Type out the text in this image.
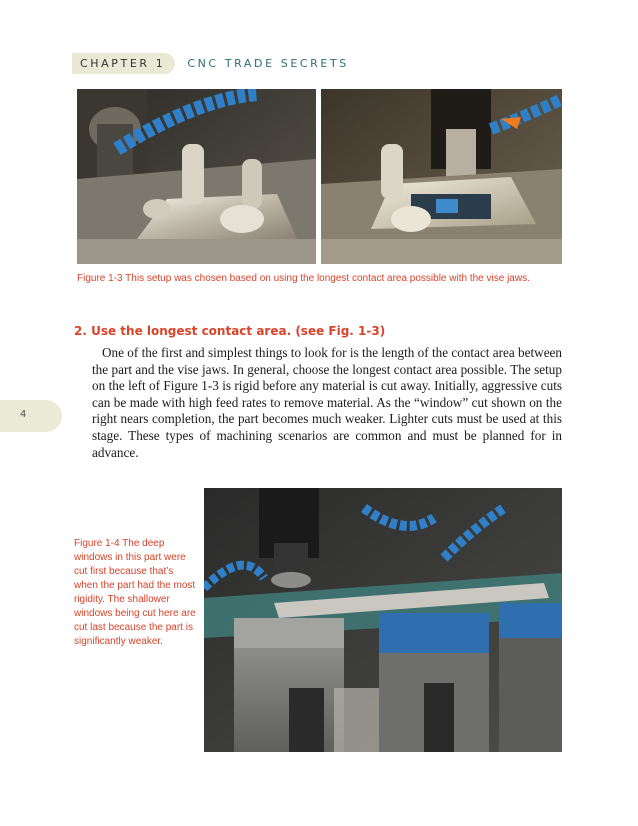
CHAPTER 1	CNC TRADE SECRETS
Figure 1-3 This setup was chosen based on using the longest contact area possible with the vise jaws.
2. Use the longest contact area. (see Fig. 1-3)

One of the first and simplest things to look for is the length of the contact area between the part and the vise jaws. In general, choose the longest contact area possible. The setup on the left of Figure 1-3 is rigid before any material is cut away. Initially, aggressive cuts can be made with high feed rates to remove material. As the “window” cut shown on the right nears completion, the part becomes much weaker. Lighter cuts must be used at this stage. These types of machining scenarios are common and must be planned for in advance.

4
Figure 1-4 The deep windows in this part were cut first because that’s when the part had the most rigidity. The shallower windows being cut here are cut last because the part is significantly weaker.
